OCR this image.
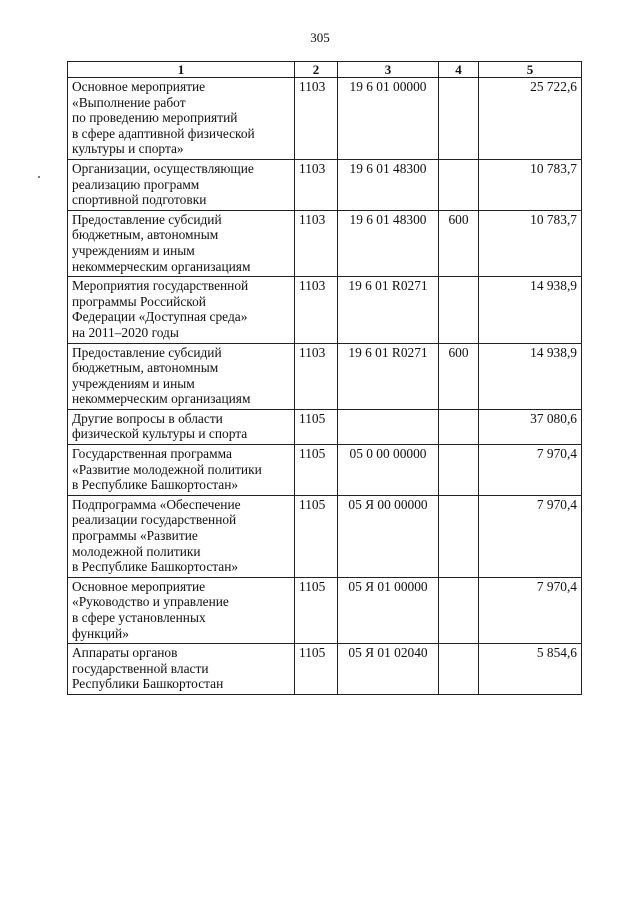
305
1	2	3	4	5
Основное мероприятие
«Выполнение работ
по проведению мероприятий
в сфере адаптивной физической
культуры и спорта»	1103	19 6 01 00000		25 722,6
Организации, осуществляющие
реализацию программ
спортивной подготовки	1103	19 6 01 48300		10 783,7
Предоставление субсидий
бюджетным, автономным
учреждениям и иным
некоммерческим организациям	1103	19 6 01 48300	600	10 783,7
Мероприятия государственной
программы Российской
Федерации «Доступная среда»
на 2011–2020 годы	1103	19 6 01 R0271		14 938,9
Предоставление субсидий
бюджетным, автономным
учреждениям и иным
некоммерческим организациям	1103	19 6 01 R0271	600	14 938,9
Другие вопросы в области
физической культуры и спорта	1105			37 080,6
Государственная программа
«Развитие молодежной политики
в Республике Башкортостан»	1105	05 0 00 00000		7 970,4
Подпрограмма «Обеспечение
реализации государственной
программы «Развитие
молодежной политики
в Республике Башкортостан»	1105	05 Я 00 00000		7 970,4
Основное мероприятие
«Руководство и управление
в сфере установленных
функций»	1105	05 Я 01 00000		7 970,4
Аппараты органов
государственной власти
Республики Башкортостан	1105	05 Я 01 02040		5 854,6
